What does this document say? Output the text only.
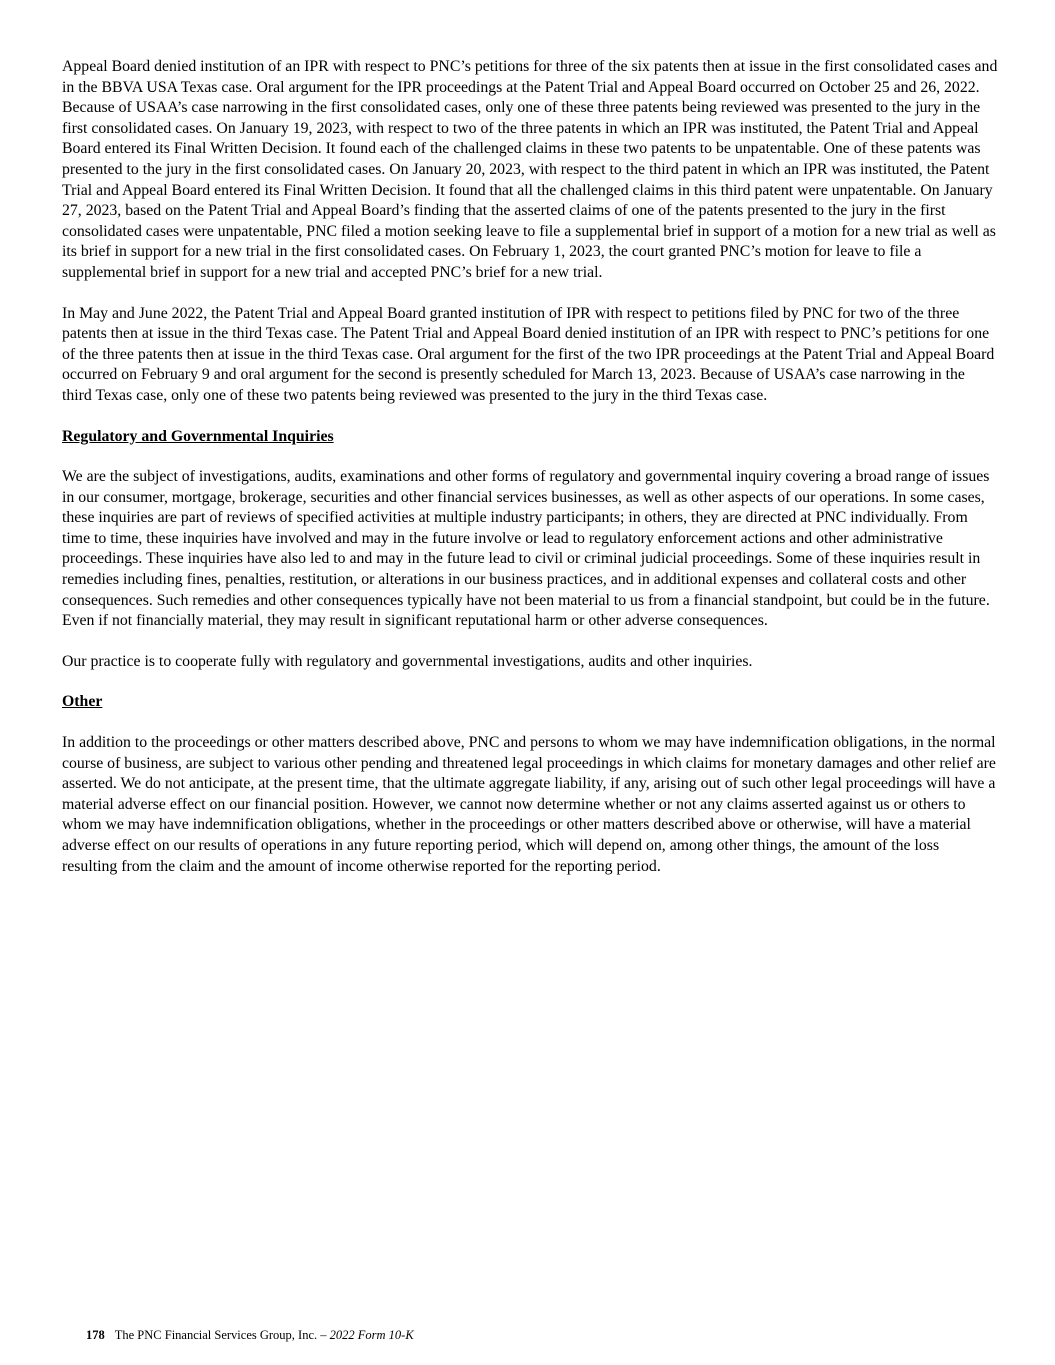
Appeal Board denied institution of an IPR with respect to PNC’s petitions for three of the six patents then at issue in the first consolidated cases and in the BBVA USA Texas case. Oral argument for the IPR proceedings at the Patent Trial and Appeal Board occurred on October 25 and 26, 2022. Because of USAA’s case narrowing in the first consolidated cases, only one of these three patents being reviewed was presented to the jury in the first consolidated cases. On January 19, 2023, with respect to two of the three patents in which an IPR was instituted, the Patent Trial and Appeal Board entered its Final Written Decision. It found each of the challenged claims in these two patents to be unpatentable. One of these patents was presented to the jury in the first consolidated cases. On January 20, 2023, with respect to the third patent in which an IPR was instituted, the Patent Trial and Appeal Board entered its Final Written Decision. It found that all the challenged claims in this third patent were unpatentable. On January 27, 2023, based on the Patent Trial and Appeal Board’s finding that the asserted claims of one of the patents presented to the jury in the first consolidated cases were unpatentable, PNC filed a motion seeking leave to file a supplemental brief in support of a motion for a new trial as well as its brief in support for a new trial in the first consolidated cases. On February 1, 2023, the court granted PNC’s motion for leave to file a supplemental brief in support for a new trial and accepted PNC’s brief for a new trial.

In May and June 2022, the Patent Trial and Appeal Board granted institution of IPR with respect to petitions filed by PNC for two of the three patents then at issue in the third Texas case. The Patent Trial and Appeal Board denied institution of an IPR with respect to PNC’s petitions for one of the three patents then at issue in the third Texas case. Oral argument for the first of the two IPR proceedings at the Patent Trial and Appeal Board occurred on February 9 and oral argument for the second is presently scheduled for March 13, 2023. Because of USAA’s case narrowing in the third Texas case, only one of these two patents being reviewed was presented to the jury in the third Texas case.

Regulatory and Governmental Inquiries

We are the subject of investigations, audits, examinations and other forms of regulatory and governmental inquiry covering a broad range of issues in our consumer, mortgage, brokerage, securities and other financial services businesses, as well as other aspects of our operations. In some cases, these inquiries are part of reviews of specified activities at multiple industry participants; in others, they are directed at PNC individually. From time to time, these inquiries have involved and may in the future involve or lead to regulatory enforcement actions and other administrative proceedings. These inquiries have also led to and may in the future lead to civil or criminal judicial proceedings. Some of these inquiries result in remedies including fines, penalties, restitution, or alterations in our business practices, and in additional expenses and collateral costs and other consequences. Such remedies and other consequences typically have not been material to us from a financial standpoint, but could be in the future. Even if not financially material, they may result in significant reputational harm or other adverse consequences.

Our practice is to cooperate fully with regulatory and governmental investigations, audits and other inquiries.

Other

In addition to the proceedings or other matters described above, PNC and persons to whom we may have indemnification obligations, in the normal course of business, are subject to various other pending and threatened legal proceedings in which claims for monetary damages and other relief are asserted. We do not anticipate, at the present time, that the ultimate aggregate liability, if any, arising out of such other legal proceedings will have a material adverse effect on our financial position. However, we cannot now determine whether or not any claims asserted against us or others to whom we may have indemnification obligations, whether in the proceedings or other matters described above or otherwise, will have a material adverse effect on our results of operations in any future reporting period, which will depend on, among other things, the amount of the loss resulting from the claim and the amount of income otherwise reported for the reporting period.

178 The PNC Financial Services Group, Inc. – 2022 Form 10-K
